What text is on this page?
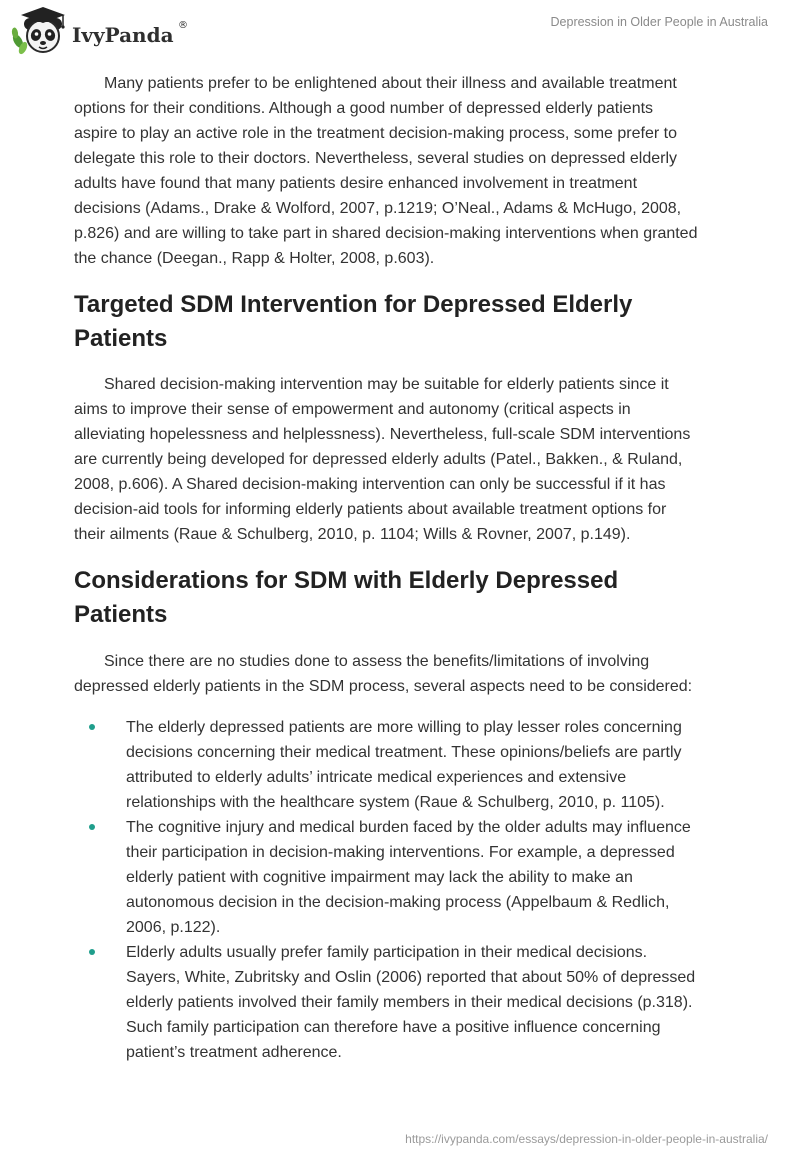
IvyPanda ®	Depression in Older People in Australia
Many patients prefer to be enlightened about their illness and available treatment
options for their conditions. Although a good number of depressed elderly patients
aspire to play an active role in the treatment decision-making process, some prefer to
delegate this role to their doctors. Nevertheless, several studies on depressed elderly
adults have found that many patients desire enhanced involvement in treatment
decisions (Adams., Drake & Wolford, 2007, p.1219; O’Neal., Adams & McHugo, 2008,
p.826) and are willing to take part in shared decision-making interventions when granted
the chance (Deegan., Rapp & Holter, 2008, p.603).
Targeted SDM Intervention for Depressed Elderly
Patients
Shared decision-making intervention may be suitable for elderly patients since it
aims to improve their sense of empowerment and autonomy (critical aspects in
alleviating hopelessness and helplessness). Nevertheless, full-scale SDM interventions
are currently being developed for depressed elderly adults (Patel., Bakken., & Ruland,
2008, p.606). A Shared decision-making intervention can only be successful if it has
decision-aid tools for informing elderly patients about available treatment options for
their ailments (Raue & Schulberg, 2010, p. 1104; Wills & Rovner, 2007, p.149).
Considerations for SDM with Elderly Depressed
Patients
Since there are no studies done to assess the benefits/limitations of involving
depressed elderly patients in the SDM process, several aspects need to be considered:
The elderly depressed patients are more willing to play lesser roles concerning
decisions concerning their medical treatment. These opinions/beliefs are partly
attributed to elderly adults’ intricate medical experiences and extensive
relationships with the healthcare system (Raue & Schulberg, 2010, p. 1105).
The cognitive injury and medical burden faced by the older adults may influence
their participation in decision-making interventions. For example, a depressed
elderly patient with cognitive impairment may lack the ability to make an
autonomous decision in the decision-making process (Appelbaum & Redlich,
2006, p.122).
Elderly adults usually prefer family participation in their medical decisions.
Sayers, White, Zubritsky and Oslin (2006) reported that about 50% of depressed
elderly patients involved their family members in their medical decisions (p.318).
Such family participation can therefore have a positive influence concerning
patient’s treatment adherence.
https://ivypanda.com/essays/depression-in-older-people-in-australia/
